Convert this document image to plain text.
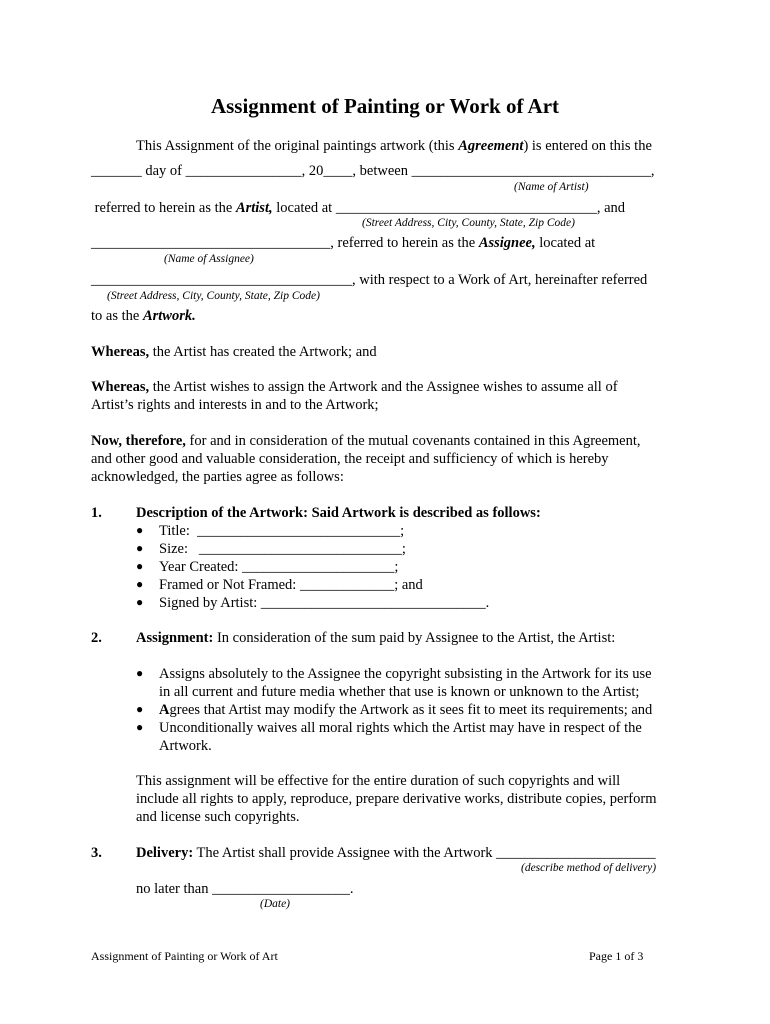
Assignment of Painting or Work of Art
This Assignment of the original paintings artwork (this Agreement) is entered on this the
_______ day of ________________, 20____, between _________________________________,
(Name of Artist)
referred to herein as the Artist, located at ____________________________________, and
(Street Address, City, County, State, Zip Code)
_________________________________, referred to herein as the Assignee, located at
(Name of Assignee)
____________________________________, with respect to a Work of Art, hereinafter referred
(Street Address, City, County, State, Zip Code)
to as the Artwork.
Whereas, the Artist has created the Artwork; and
Whereas, the Artist wishes to assign the Artwork and the Assignee wishes to assume all of
Artist’s rights and interests in and to the Artwork;
Now, therefore, for and in consideration of the mutual covenants contained in this Agreement,
and other good and valuable consideration, the receipt and sufficiency of which is hereby
acknowledged, the parties agree as follows:
1. Description of the Artwork: Said Artwork is described as follows:
● Title:  ____________________________;
● Size:   ____________________________;
● Year Created: _____________________;
● Framed or Not Framed: _____________; and
● Signed by Artist: _______________________________.
2. Assignment: In consideration of the sum paid by Assignee to the Artist, the Artist:
● Assigns absolutely to the Assignee the copyright subsisting in the Artwork for its use
in all current and future media whether that use is known or unknown to the Artist;
● Agrees that Artist may modify the Artwork as it sees fit to meet its requirements; and
● Unconditionally waives all moral rights which the Artist may have in respect of the
Artwork.
This assignment will be effective for the entire duration of such copyrights and will
include all rights to apply, reproduce, prepare derivative works, distribute copies, perform
and license such copyrights.
3. Delivery: The Artist shall provide Assignee with the Artwork ______________________
(describe method of delivery)
no later than ___________________.
(Date)
Assignment of Painting or Work of Art	Page 1 of 3
